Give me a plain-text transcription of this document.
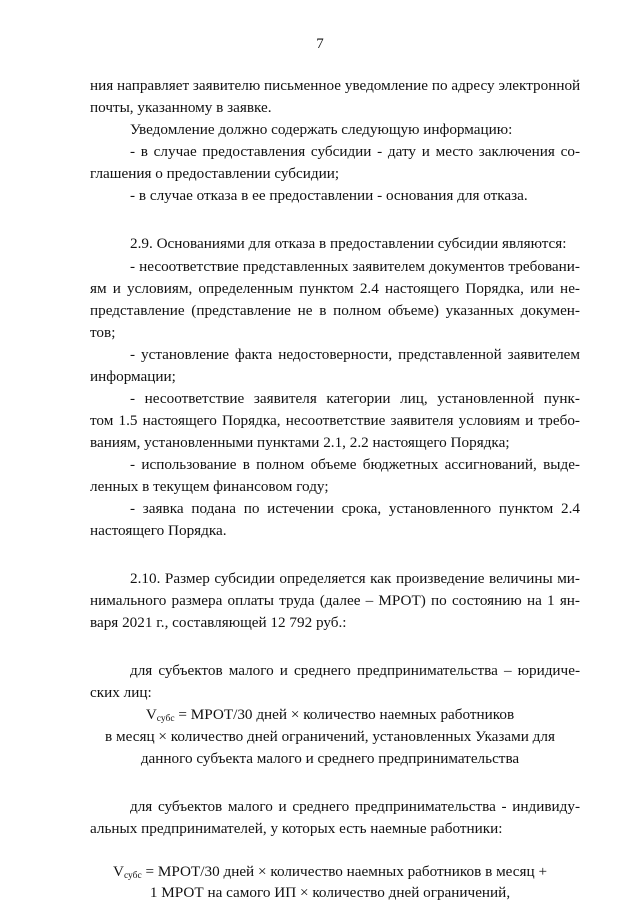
7
ния направляет заявителю письменное уведомление по адресу электронной
почты, указанному в заявке.
Уведомление должно содержать следующую информацию:
- в случае предоставления субсидии - дату и место заключения со-
глашения о предоставлении субсидии;
- в случае отказа в ее предоставлении - основания для отказа.
2.9. Основаниями для отказа в предоставлении субсидии являются:
- несоответствие представленных заявителем документов требовани-
ям и условиям, определенным пунктом 2.4 настоящего Порядка, или не-
представление (представление не в полном объеме) указанных докумен-
тов;
- установление факта недостоверности, представленной заявителем
информации;
- несоответствие заявителя категории лиц, установленной пунк-
том 1.5 настоящего Порядка, несоответствие заявителя условиям и требо-
ваниям, установленными пунктами 2.1, 2.2 настоящего Порядка;
- использование в полном объеме бюджетных ассигнований, выде-
ленных в текущем финансовом году;
- заявка подана по истечении срока, установленного пунктом 2.4
настоящего Порядка.
2.10. Размер субсидии определяется как произведение величины ми-
нимального размера оплаты труда (далее – МРОТ) по состоянию на 1 ян-
варя 2021 г., составляющей 12 792 руб.:
для субъектов малого и среднего предпринимательства – юридиче-
ских лиц:
$V_{субс}$ = МРОТ/30 дней × количество наемных работников
в месяц × количество дней ограничений, установленных Указами для
данного субъекта малого и среднего предпринимательства
для субъектов малого и среднего предпринимательства - индивиду-
альных предпринимателей, у которых есть наемные работники:
$V_{субс}$ = МРОТ/30 дней × количество наемных работников в месяц +
1 МРОТ на самого ИП × количество дней ограничений,
